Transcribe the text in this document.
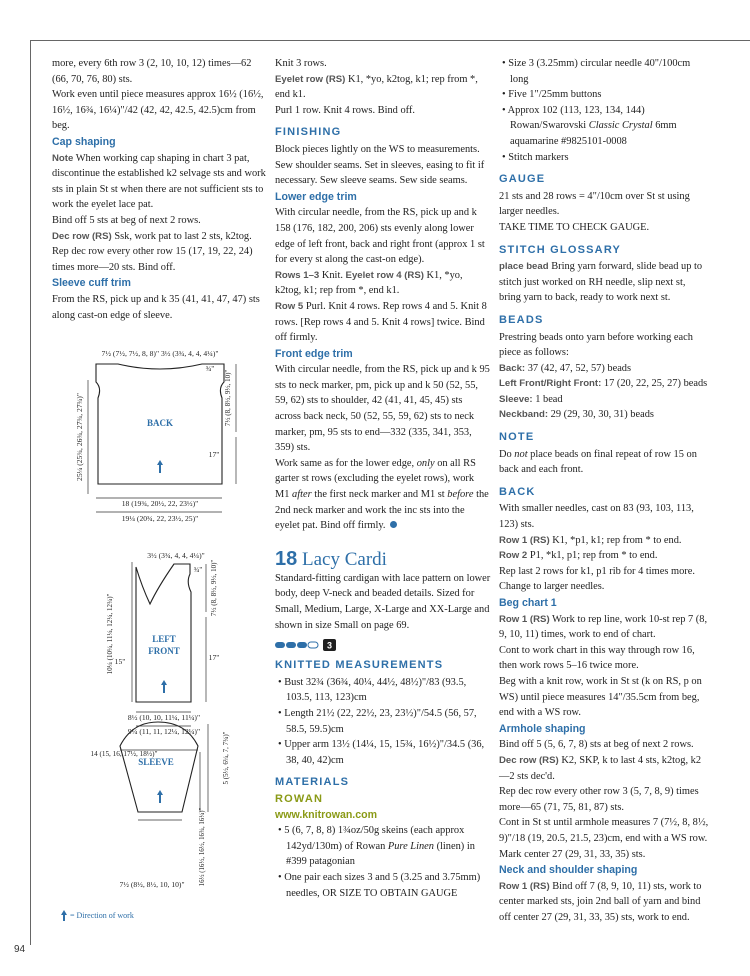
more, every 6th row 3 (2, 10, 10, 12) times—62 (66, 70, 76, 80) sts.

Work even until piece measures approx 16½ (16½, 16½, 16¾, 16¼)"/42 (42, 42, 42.5, 42.5)cm from beg.

Cap shaping

Note When working cap shaping in chart 3 pat, discontinue the established k2 selvage sts and work sts in plain St st when there are not sufficient sts to work the eyelet lace pat.

Bind off 5 sts at beg of next 2 rows.

Dec row (RS) Ssk, work pat to last 2 sts, k2tog.

Rep dec row every other row 15 (17, 19, 22, 24) times more—20 sts. Bind off.

Sleeve cuff trim

From the RS, pick up and k 35 (41, 41, 47, 47) sts along cast-on edge of sleeve.

7½ (7½, 7½, 8, 8)" 3½ (3¾, 4, 4, 4¼)"
BACK
25¼ (25¾, 26¾, 27¾, 27¾)"	7½ (8, 8½, 9½, 10)"
¾"
17"
18 (19¾, 20½, 22, 23½)"
19¼ (20¾, 22, 23½, 25)"
3½ (3¾, 4, 4, 4¼)"
LEFT
FRONT
10¼ (10¼, 11¼, 12¼, 12¾)" 15"
7½ (8, 8½, 9½, 10)"
¾"
17"
8½ (10, 10, 11¼, 11¼)"
9¼ (11, 11, 12¼, 12¼)"
14 (15, 16, 17½, 18½)"
SLEEVE	5 (5½, 6¼, 7, 7¾)"
16½ (16½, 16½, 16¾, 16¼)"
7½ (8½, 8½, 10, 10)"
= Direction of work

Knit 3 rows.

Eyelet row (RS) K1, *yo, k2tog, k1; rep from *, end k1.

Purl 1 row. Knit 4 rows. Bind off.

FINISHING

Block pieces lightly on the WS to measurements. Sew shoulder seams. Set in sleeves, easing to fit if necessary. Sew sleeve seams. Sew side seams.

Lower edge trim

With circular needle, from the RS, pick up and k 158 (176, 182, 200, 206) sts evenly along lower edge of left front, back and right front (approx 1 st for every st along the cast-on edge).

Rows 1–3 Knit. Eyelet row 4 (RS) K1, *yo, k2tog, k1; rep from *, end k1.

Row 5 Purl. Knit 4 rows. Rep rows 4 and 5. Knit 8 rows. [Rep rows 4 and 5. Knit 4 rows] twice. Bind off firmly.

Front edge trim

With circular needle, from the RS, pick up and k 95 sts to neck marker, pm, pick up and k 50 (52, 55, 59, 62) sts to shoulder, 42 (41, 41, 45, 45) sts across back neck, 50 (52, 55, 59, 62) sts to neck marker, pm, 95 sts to end—332 (335, 341, 353, 359) sts.

Work same as for the lower edge, only on all RS garter st rows (excluding the eyelet rows), work M1 after the first neck marker and M1 st before the 2nd neck marker and work the inc sts into the eyelet pat. Bind off firmly.

18 Lacy Cardi

Standard-fitting cardigan with lace pattern on lower body, deep V-neck and beaded details. Sized for Small, Medium, Large, X-Large and XX-Large and shown in size Small on page 69.

3

KNITTED MEASUREMENTS

• Bust 32¾ (36¾, 40¼, 44½, 48½)"/83 (93.5, 103.5, 113, 123)cm

• Length 21½ (22, 22½, 23, 23½)"/54.5 (56, 57, 58.5, 59.5)cm

• Upper arm 13½ (14¼, 15, 15¾, 16½)"/34.5 (36, 38, 40, 42)cm

MATERIALS

ROWAN

www.knitrowan.com

• 5 (6, 7, 8, 8) 1¾oz/50g skeins (each approx 142yd/130m) of Rowan Pure Linen (linen) in #399 patagonian

• One pair each sizes 3 and 5 (3.25 and 3.75mm) needles, OR SIZE TO OBTAIN GAUGE

• Size 3 (3.25mm) circular needle 40"/100cm long

• Five 1"/25mm buttons

• Approx 102 (113, 123, 134, 144) Rowan/Swarovski Classic Crystal 6mm aquamarine #9825101-0008

• Stitch markers

GAUGE

21 sts and 28 rows = 4"/10cm over St st using larger needles.

TAKE TIME TO CHECK GAUGE.

STITCH GLOSSARY

place bead Bring yarn forward, slide bead up to stitch just worked on RH needle, slip next st, bring yarn to back, ready to work next st.

BEADS

Prestring beads onto yarn before working each piece as follows:

Back: 37 (42, 47, 52, 57) beads

Left Front/Right Front: 17 (20, 22, 25, 27) beads

Sleeve: 1 bead

Neckband: 29 (29, 30, 30, 31) beads

NOTE

Do not place beads on final repeat of row 15 on back and each front.

BACK

With smaller needles, cast on 83 (93, 103, 113, 123) sts.

Row 1 (RS) K1, *p1, k1; rep from * to end.

Row 2 P1, *k1, p1; rep from * to end.

Rep last 2 rows for k1, p1 rib for 4 times more. Change to larger needles.

Beg chart 1

Row 1 (RS) Work to rep line, work 10-st rep 7 (8, 9, 10, 11) times, work to end of chart.

Cont to work chart in this way through row 16, then work rows 5–16 twice more.

Beg with a knit row, work in St st (k on RS, p on WS) until piece measures 14"/35.5cm from beg, end with a WS row.

Armhole shaping

Bind off 5 (5, 6, 7, 8) sts at beg of next 2 rows.

Dec row (RS) K2, SKP, k to last 4 sts, k2tog, k2—2 sts dec'd.

Rep dec row every other row 3 (5, 7, 8, 9) times more—65 (71, 75, 81, 87) sts.

Cont in St st until armhole measures 7 (7½, 8, 8½, 9)"/18 (19, 20.5, 21.5, 23)cm, end with a WS row. Mark center 27 (29, 31, 33, 35) sts.

Neck and shoulder shaping

Row 1 (RS) Bind off 7 (8, 9, 10, 11) sts, work to center marked sts, join 2nd ball of yarn and bind off center 27 (29, 31, 33, 35) sts, work to end.

94
